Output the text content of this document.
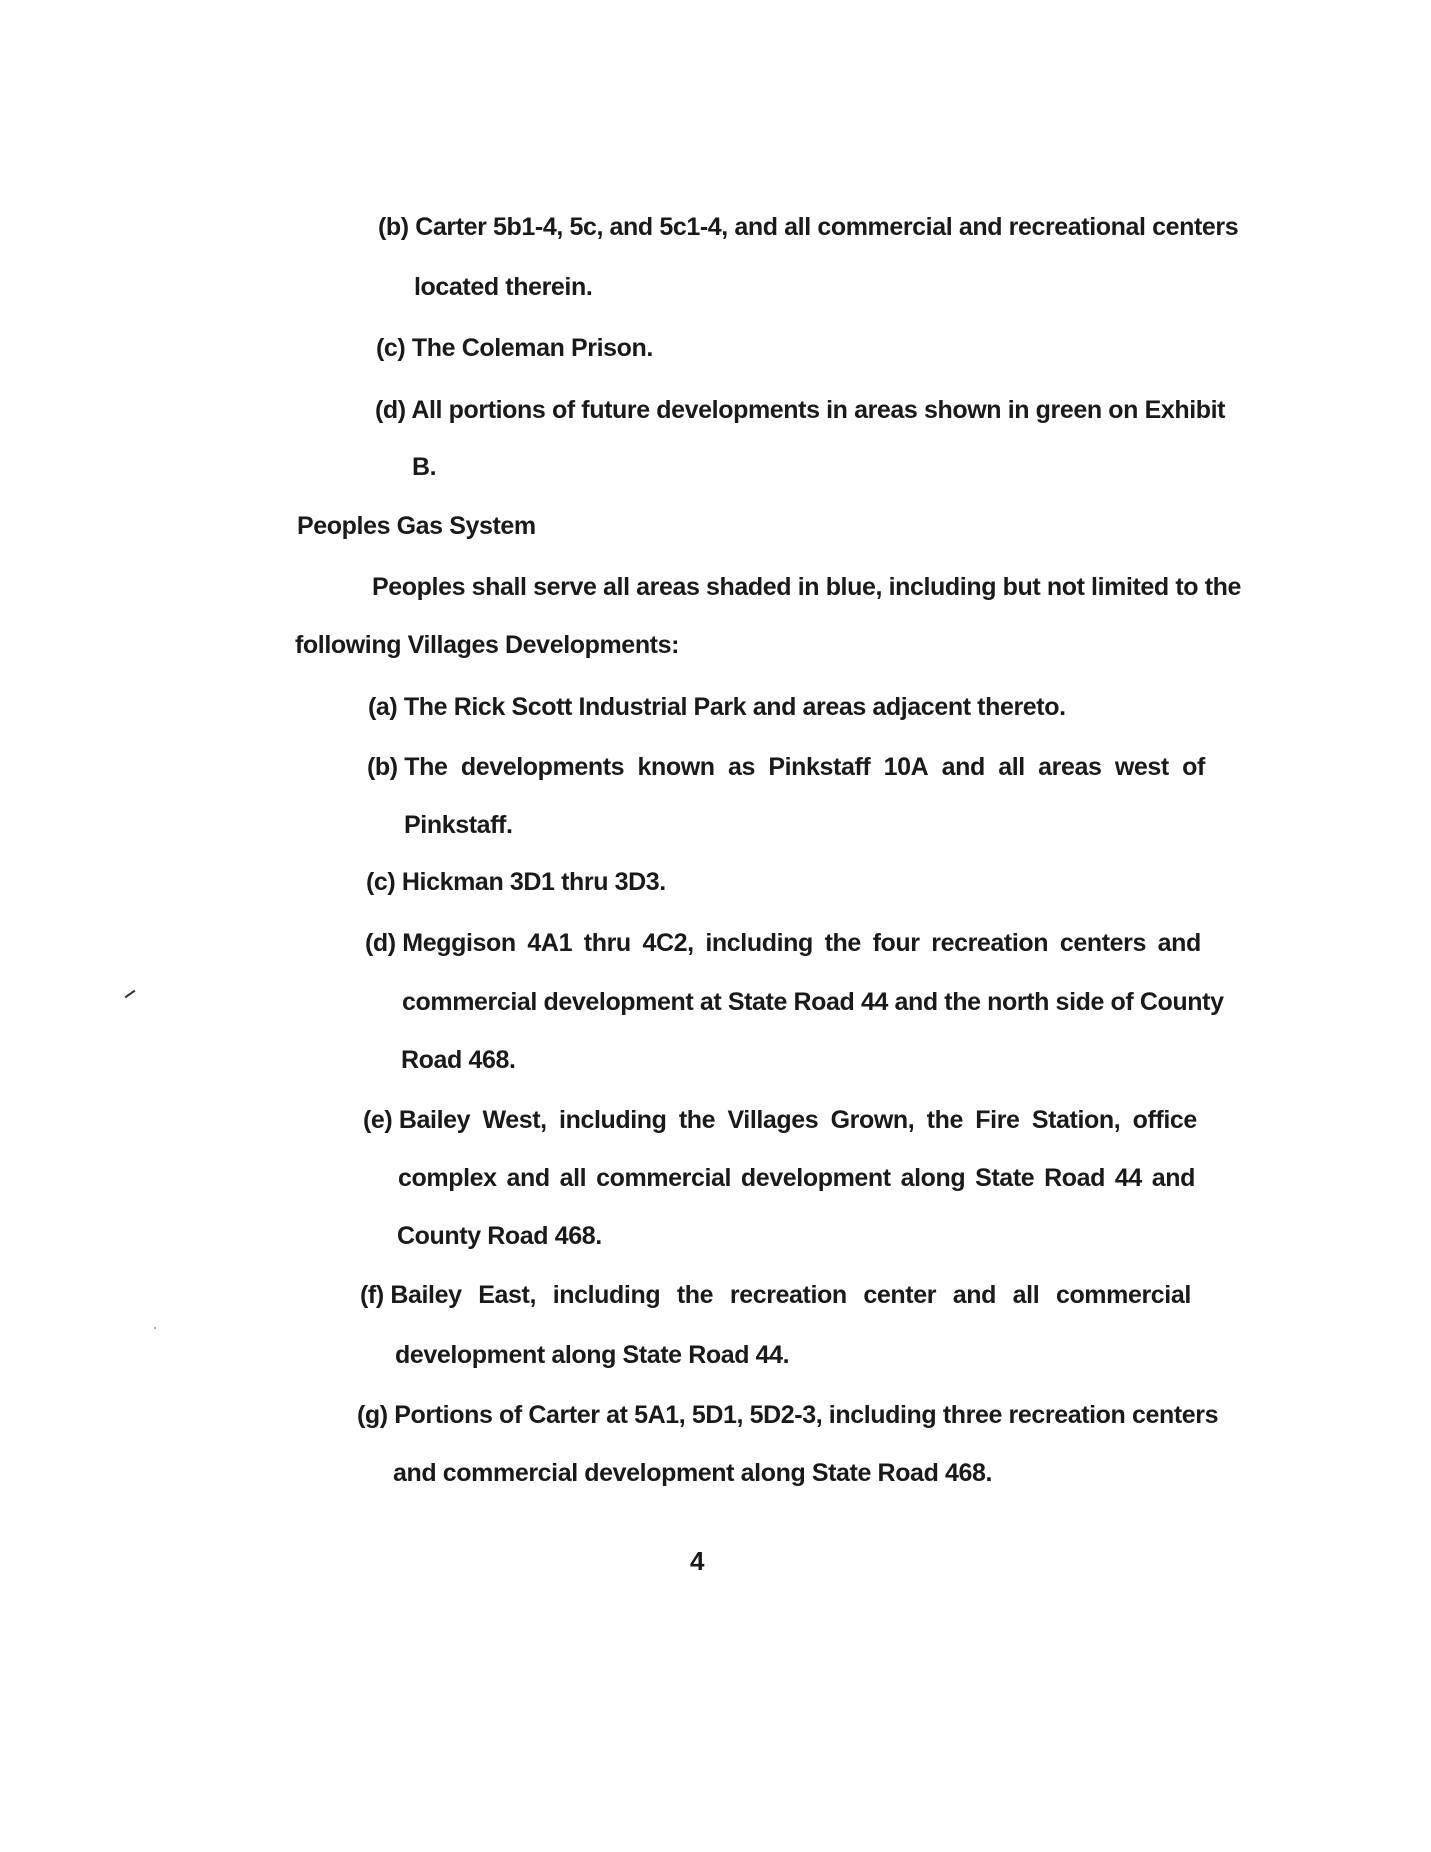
(b) Carter 5b1-4, 5c, and 5c1-4, and all commercial and recreational centers
located therein.
(c) The Coleman Prison.
(d) All portions of future developments in areas shown in green on Exhibit
B.
Peoples Gas System
Peoples shall serve all areas shaded in blue, including but not limited to the
following Villages Developments:
(a) The Rick Scott Industrial Park and areas adjacent thereto.
(b) The developments known as Pinkstaff 10A and all areas west of
Pinkstaff.
(c) Hickman 3D1 thru 3D3.
(d) Meggison 4A1 thru 4C2, including the four recreation centers and
commercial development at State Road 44 and the north side of County
Road 468.
(e) Bailey West, including the Villages Grown, the Fire Station, office
complex and all commercial development along State Road 44 and
County Road 468.
(f) Bailey East, including the recreation center and all commercial
development along State Road 44.
(g) Portions of Carter at 5A1, 5D1, 5D2-3, including three recreation centers
and commercial development along State Road 468.
4
